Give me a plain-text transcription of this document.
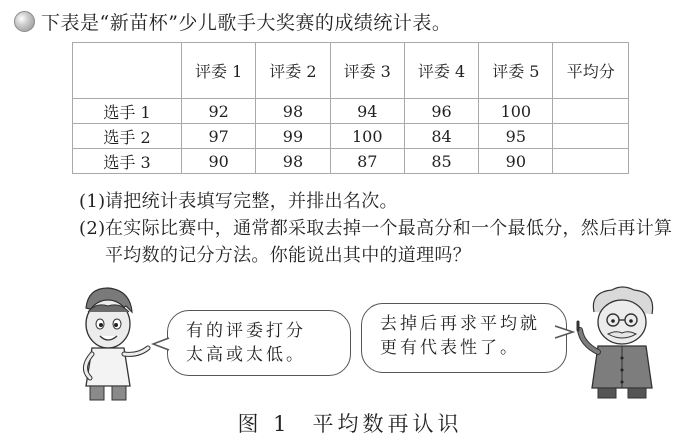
下表是“新苗杯”少儿歌手大奖赛的成绩统计表。
	评委 1	评委 2	评委 3	评委 4	评委 5	平均分
选手 1	92	98	94	96	100	
选手 2	97	99	100	84	95	
选手 3	90	98	87	85	90	
(1) 请把统计表填写完整，并排出名次。
(2) 在实际比赛中，通常都采取去掉一个最高分和一个最低分，然后再计算平均数的记分方法。你能说出其中的道理吗？
有的评委打分
太高或太低。
去掉后再求平均就
更有代表性了。
图 1 平均数再认识
